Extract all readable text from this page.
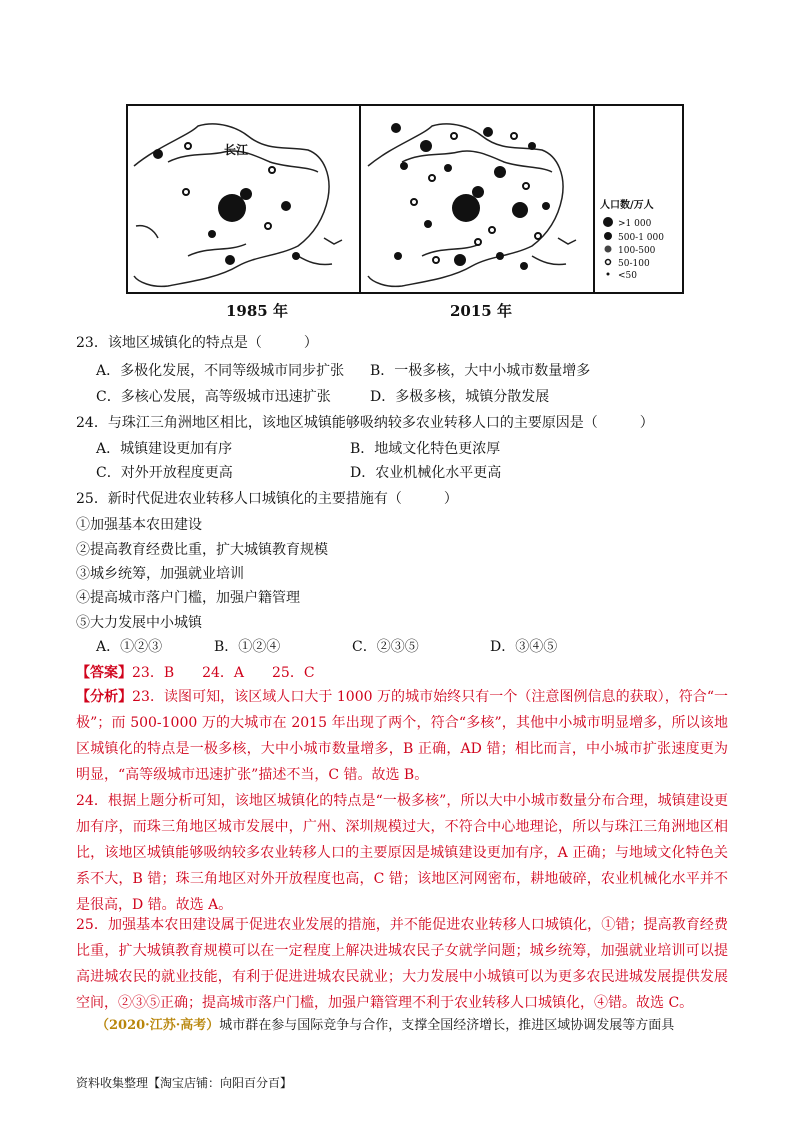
长江
人口数/万人
>1 000
500-1 000
100-500
50-100
<50
1985 年	2015 年
23．该地区城镇化的特点是（　　　）
A．多极化发展，不同等级城市同步扩张 B．一极多核，大中小城市数量增多
C．多核心发展，高等级城市迅速扩张	D．多极多核，城镇分散发展
24．与珠江三角洲地区相比，该地区城镇能够吸纳较多农业转移人口的主要原因是（　　　）
A．城镇建设更加有序	B．地域文化特色更浓厚
C．对外开放程度更高	D．农业机械化水平更高
25．新时代促进农业转移人口城镇化的主要措施有（　　　）
①加强基本农田建设
②提高教育经费比重，扩大城镇教育规模
③城乡统筹，加强就业培训
④提高城市落户门槛，加强户籍管理
⑤大力发展中小城镇
A．①②③	B．①②④	C．②③⑤	D．③④⑤
【答案】23．B　　24．A　　25．C
【分析】23．读图可知，该区域人口大于 1000 万的城市始终只有一个（注意图例信息的获取），符合“一极”；而 500-1000 万的大城市在 2015 年出现了两个，符合“多核”，其他中小城市明显增多，所以该地区城镇化的特点是一极多核，大中小城市数量增多，B 正确，AD 错；相比而言，中小城市扩张速度更为明显，“高等级城市迅速扩张”描述不当，C 错。故选 B。
24．根据上题分析可知，该地区城镇化的特点是“一极多核”，所以大中小城市数量分布合理，城镇建设更加有序，而珠三角地区城市发展中，广州、深圳规模过大，不符合中心地理论，所以与珠江三角洲地区相比，该地区城镇能够吸纳较多农业转移人口的主要原因是城镇建设更加有序，A 正确；与地域文化特色关系不大，B 错；珠三角地区对外开放程度也高，C 错；该地区河网密布，耕地破碎，农业机械化水平并不是很高，D 错。故选 A。
25．加强基本农田建设属于促进农业发展的措施，并不能促进农业转移人口城镇化，①错；提高教育经费比重，扩大城镇教育规模可以在一定程度上解决进城农民子女就学问题；城乡统筹，加强就业培训可以提高进城农民的就业技能，有利于促进进城农民就业；大力发展中小城镇可以为更多农民进城发展提供发展空间，②③⑤正确；提高城市落户门槛，加强户籍管理不利于农业转移人口城镇化，④错。故选 C。
（2020·江苏·高考）城市群在参与国际竞争与合作，支撑全国经济增长，推进区域协调发展等方面具
资料收集整理【淘宝店铺：向阳百分百】
